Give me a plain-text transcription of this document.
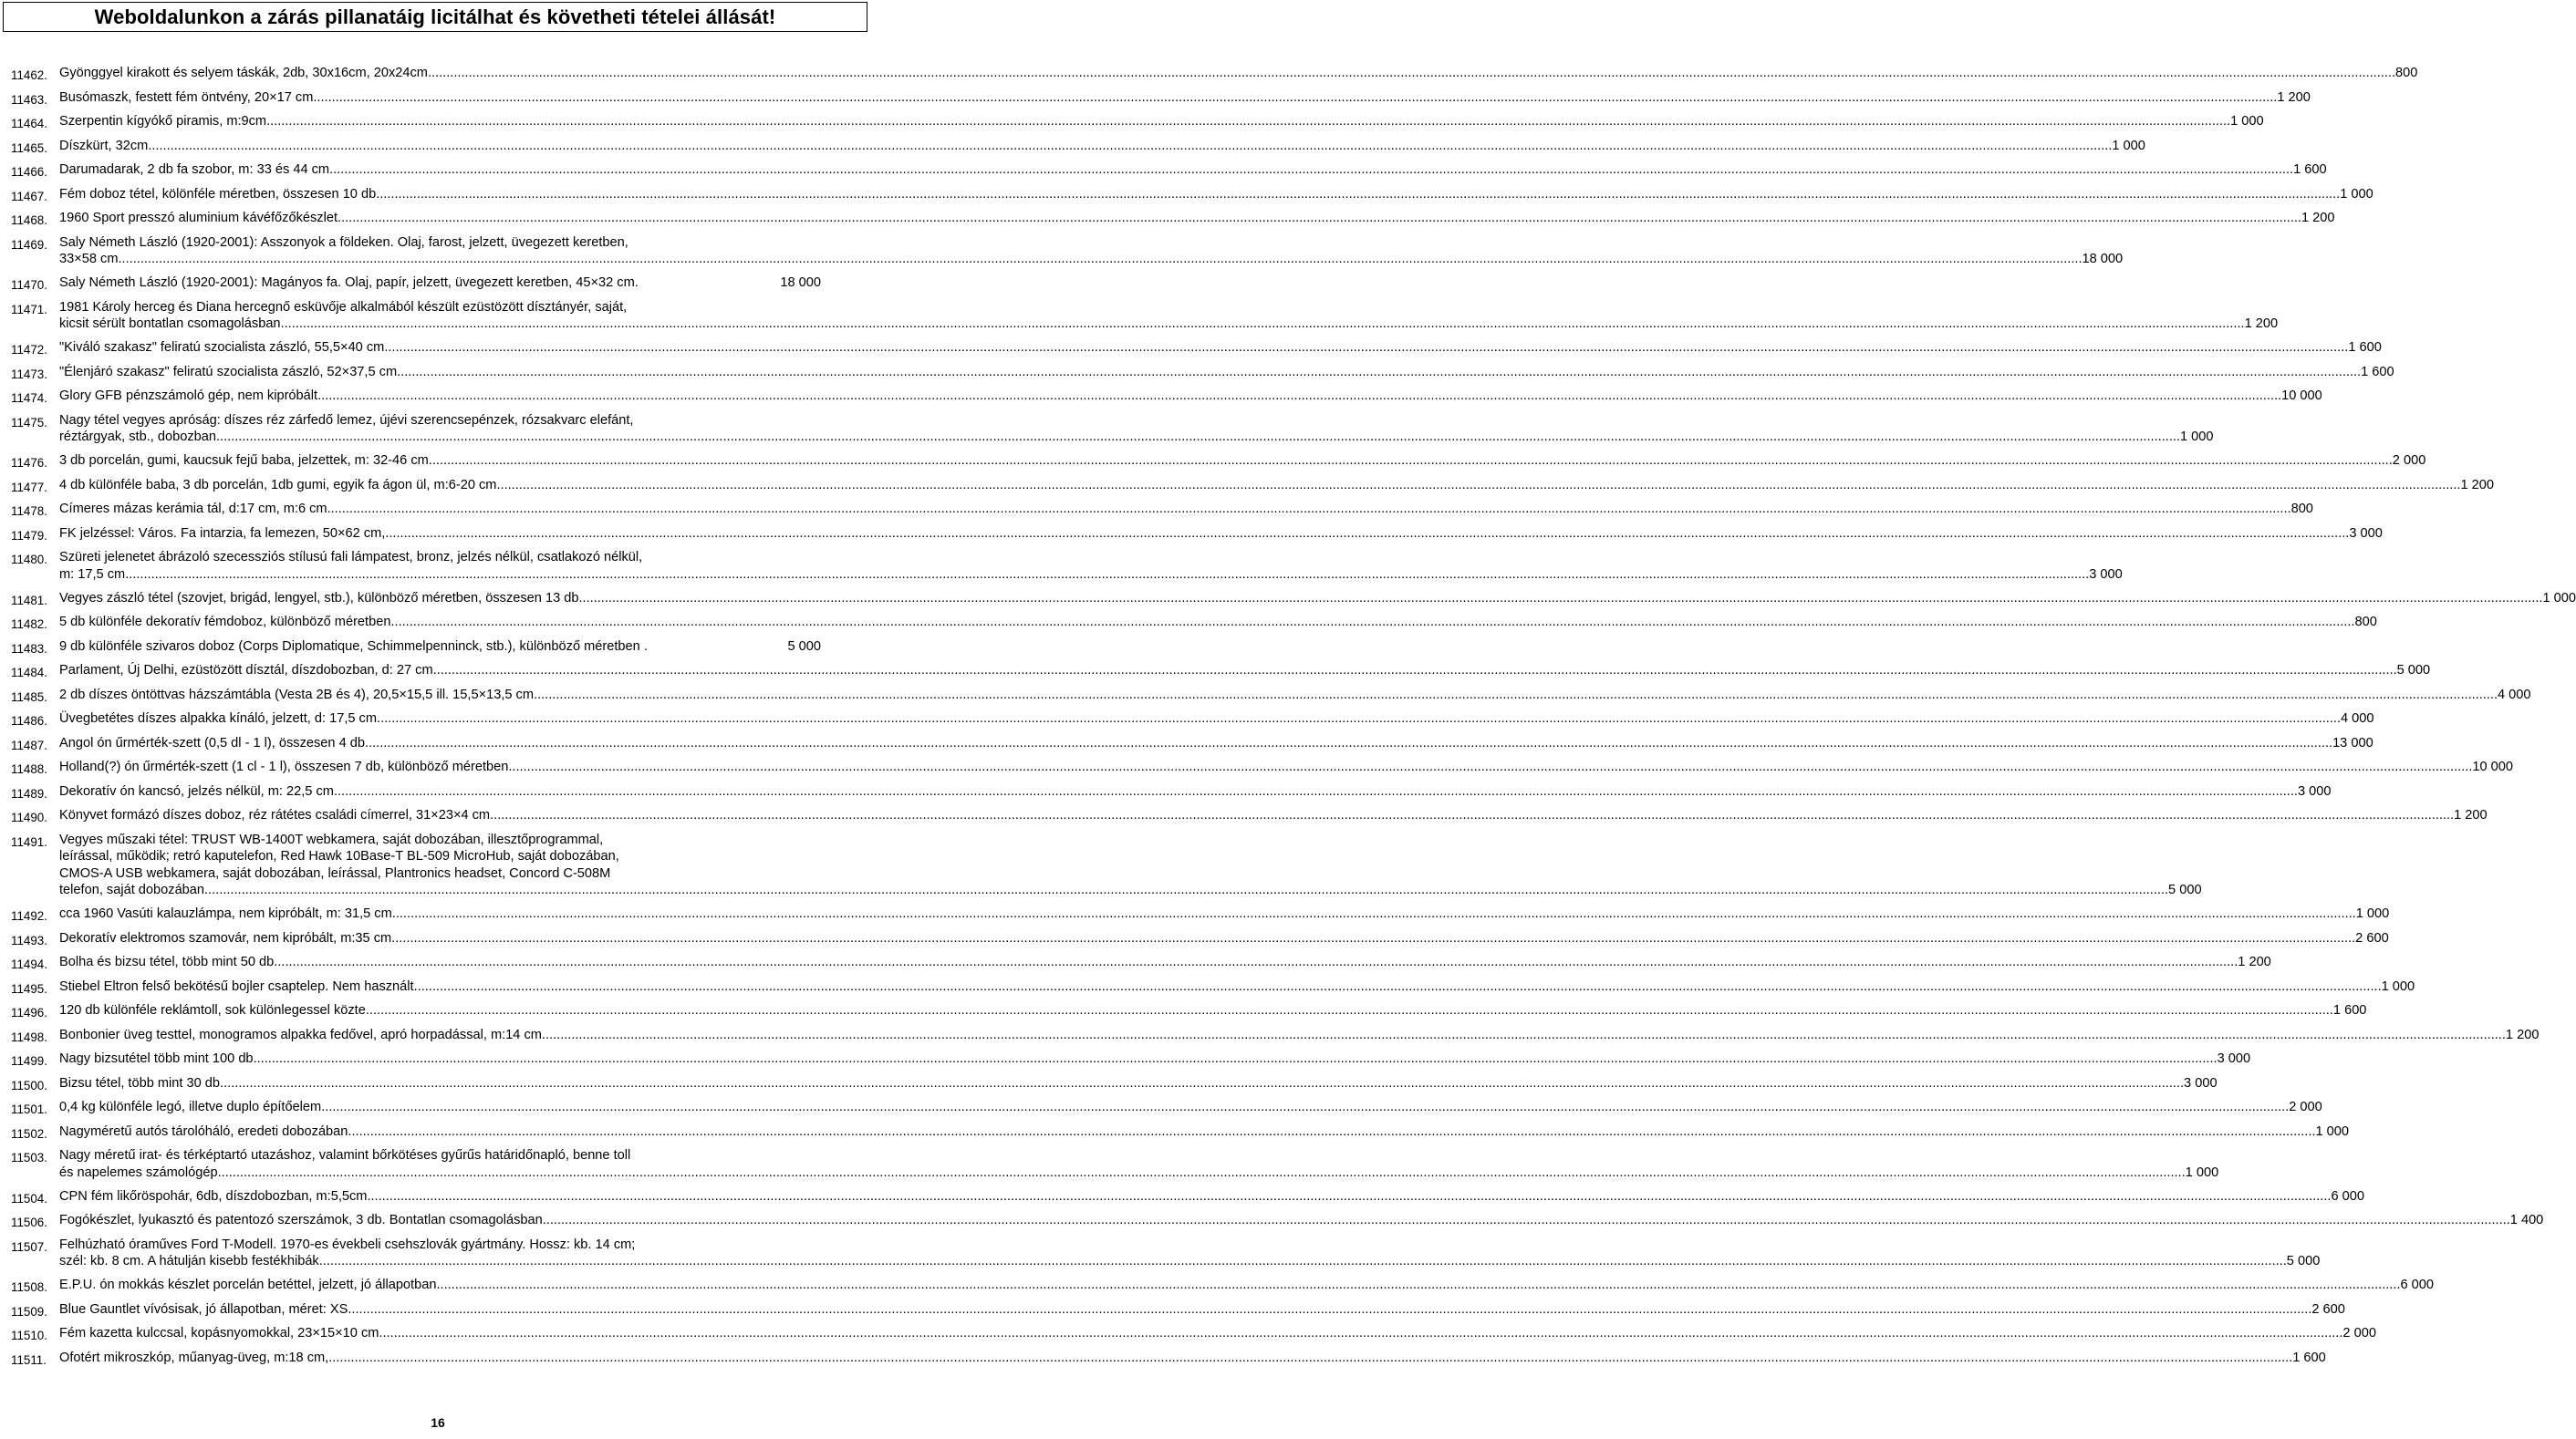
Weboldalunkon a zárás pillanatáig licitálhat és követheti tételei állását!
11462. Gyönggyel kirakott és selyem táskák, 2db, 30x16cm, 20x24cm. .....	800
11463. Busómaszk, festett fém öntvény, 20×17 cm .....	1 200
11464. Szerpentin kígyókő piramis, m:9cm .....	1 000
11465. Díszkürt, 32cm .....	1 000
11466. Darumadarak, 2 db fa szobor, m: 33 és 44 cm .....	1 600
11467. Fém doboz tétel, kölönféle méretben, összesen 10 db .....	1 000
11468. 1960 Sport presszó aluminium kávéfőzőkészlet .....	1 200
11469. Saly Németh László (1920-2001): Asszonyok a földeken. Olaj, farost, jelzett, üvegezett keretben,
33×58 cm .....	18 000
11470. Saly Németh László (1920-2001): Magányos fa. Olaj, papír, jelzett, üvegezett keretben, 45×32 cm.	18 000
11471. 1981 Károly herceg és Diana hercegnő esküvője alkalmából készült ezüstözött dísztányér, saját,
kicsit sérült bontatlan csomagolásban .....	1 200
11472. "Kiváló szakasz" feliratú szocialista zászló, 55,5×40 cm .....	1 600
11473. "Élenjáró szakasz" feliratú szocialista zászló, 52×37,5 cm .....	1 600
11474. Glory GFB pénzszámoló gép, nem kipróbált .....	10 000
11475. Nagy tétel vegyes apróság: díszes réz zárfedő lemez, újévi szerencsepénzek, rózsakvarc elefánt,
réztárgyak, stb., dobozban .....	1 000
11476. 3 db porcelán, gumi, kaucsuk fejű baba, jelzettek, m: 32-46 cm .....	2 000
11477. 4 db különféle baba, 3 db porcelán, 1db gumi, egyik fa ágon ül, m:6-20 cm .....	1 200
11478. Címeres mázas kerámia tál, d:17 cm, m:6 cm .....	800
11479. FK jelzéssel: Város. Fa intarzia, fa lemezen, 50×62 cm, .....	3 000
11480. Szüreti jelenetet ábrázoló szecessziós stílusú fali lámpatest, bronz, jelzés nélkül, csatlakozó nélkül,
m: 17,5 cm .....	3 000
11481. Vegyes zászló tétel (szovjet, brigád, lengyel, stb.), különböző méretben, összesen 13 db .....	1 000
11482. 5 db különféle dekoratív fémdoboz, különböző méretben .....	800
11483. 9 db különféle szivaros doboz (Corps Diplomatique, Schimmelpenninck, stb.), különböző méretben .	5 000
11484. Parlament, Új Delhi, ezüstözött dísztál, díszdobozban, d: 27 cm .....	5 000
11485. 2 db díszes öntöttvas házszámtábla (Vesta 2B és 4), 20,5×15,5 ill. 15,5×13,5 cm .....	4 000
11486. Üvegbetétes díszes alpakka kínáló, jelzett, d: 17,5 cm .....	4 000
11487. Angol ón űrmérték-szett (0,5 dl - 1 l), összesen 4 db. .....	13 000
11488. Holland(?) ón űrmérték-szett (1 cl - 1 l), összesen 7 db, különböző méretben .....	10 000
11489. Dekoratív ón kancsó, jelzés nélkül, m: 22,5 cm .....	3 000
11490. Könyvet formázó díszes doboz, réz rátétes családi címerrel, 31×23×4 cm .....	1 200
11491. Vegyes műszaki tétel: TRUST WB-1400T webkamera, saját dobozában, illesztőprogrammal,
leírással, működik; retró kaputelefon, Red Hawk 10Base-T BL-509 MicroHub, saját dobozában,
CMOS-A USB webkamera, saját dobozában, leírással, Plantronics headset, Concord C-508M
telefon, saját dobozában .....	5 000
11492. cca 1960 Vasúti kalauzlámpa, nem kipróbált, m: 31,5 cm .....	1 000
11493. Dekoratív elektromos szamovár, nem kipróbált, m:35 cm .....	2 600
11494. Bolha és bizsu tétel, több mint 50 db .....	1 200
11495. Stiebel Eltron felső bekötésű bojler csaptelep. Nem használt. .....	1 000
11496. 120 db különféle reklámtoll, sok különlegessel közte. .....	1 600
11498. Bonbonier üveg testtel, monogramos alpakka fedővel, apró horpadással, m:14 cm .....	1 200
11499. Nagy bizsutétel több mint 100 db .....	3 000
11500. Bizsu tétel, több mint 30 db .....	3 000
11501. 0,4 kg különféle legó, illetve duplo építőelem. .....	2 000
11502. Nagyméretű autós tárolóháló, eredeti dobozában. .....	1 000
11503. Nagy méretű irat- és térképtartó utazáshoz, valamint bőrkötéses gyűrűs határidőnapló, benne toll
és napelemes számológép. .....	1 000
11504. CPN fém likőröspohár, 6db, díszdobozban, m:5,5cm .....	6 000
11506. Fogókészlet, lyukasztó és patentozó szerszámok, 3 db. Bontatlan csomagolásban. .....	1 400
11507. Felhúzható óraműves Ford T-Modell. 1970-es évekbeli csehszlovák gyártmány. Hossz: kb. 14 cm;
szél: kb. 8 cm. A hátulján kisebb festékhibák. .....	5 000
11508. E.P.U. ón mokkás készlet porcelán betéttel, jelzett, jó állapotban .....	6 000
11509. Blue Gauntlet vívósisak, jó állapotban, méret: XS .....	2 600
11510. Fém kazetta kulccsal, kopásnyomokkal, 23×15×10 cm .....	2 000
11511. Ofotért mikroszkóp, műanyag-üveg, m:18 cm, .....	1 600
16
